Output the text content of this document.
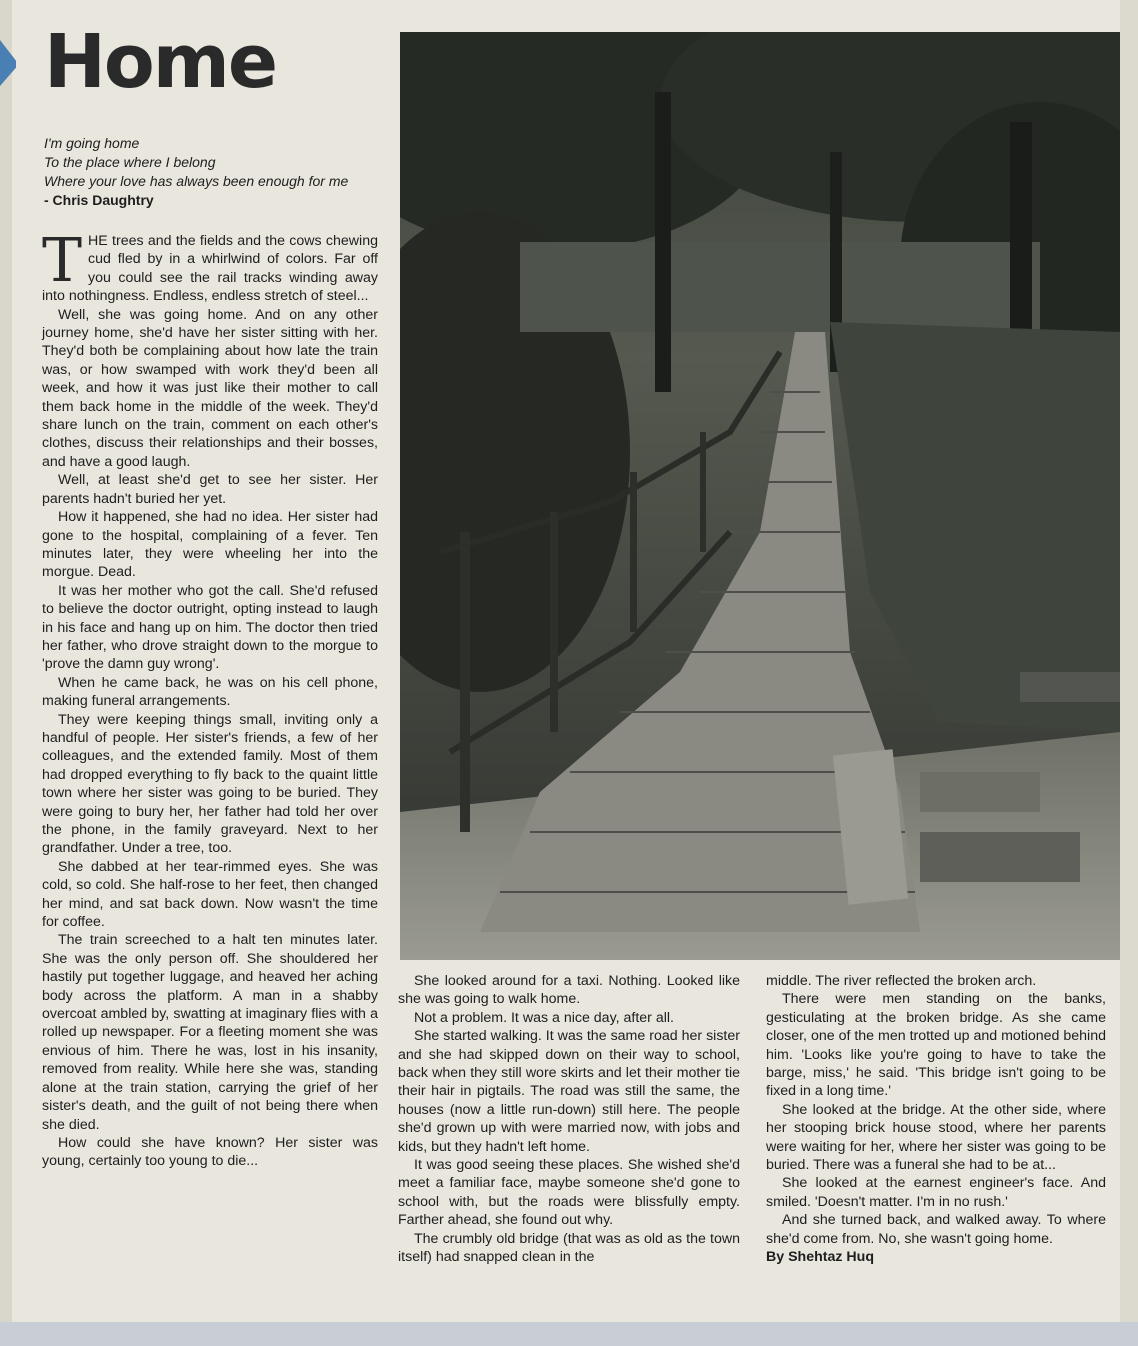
Home
I'm going home
To the place where I belong
Where your love has always been enough for me
- Chris Daughtry

THE trees and the fields and the cows chewing cud fled by in a whirlwind of colors. Far off you could see the rail tracks winding away into nothingness. Endless, endless stretch of steel...

Well, she was going home. And on any other journey home, she'd have her sister sitting with her. They'd both be complaining about how late the train was, or how swamped with work they'd been all week, and how it was just like their mother to call them back home in the middle of the week. They'd share lunch on the train, comment on each other's clothes, discuss their relationships and their bosses, and have a good laugh.

Well, at least she'd get to see her sister. Her parents hadn't buried her yet.

How it happened, she had no idea. Her sister had gone to the hospital, complaining of a fever. Ten minutes later, they were wheeling her into the morgue. Dead.

It was her mother who got the call. She'd refused to believe the doctor outright, opting instead to laugh in his face and hang up on him. The doctor then tried her father, who drove straight down to the morgue to 'prove the damn guy wrong'.

When he came back, he was on his cell phone, making funeral arrangements.

They were keeping things small, inviting only a handful of people. Her sister's friends, a few of her colleagues, and the extended family. Most of them had dropped everything to fly back to the quaint little town where her sister was going to be buried. They were going to bury her, her father had told her over the phone, in the family graveyard. Next to her grandfather. Under a tree, too.

She dabbed at her tear-rimmed eyes. She was cold, so cold. She half-rose to her feet, then changed her mind, and sat back down. Now wasn't the time for coffee.

The train screeched to a halt ten minutes later. She was the only person off. She shouldered her hastily put together luggage, and heaved her aching body across the platform. A man in a shabby overcoat ambled by, swatting at imaginary flies with a rolled up newspaper. For a fleeting moment she was envious of him. There he was, lost in his insanity, removed from reality. While here she was, standing alone at the train station, carrying the grief of her sister's death, and the guilt of not being there when she died.

How could she have known? Her sister was young, certainly too young to die...

She looked around for a taxi. Nothing. Looked like she was going to walk home.

Not a problem. It was a nice day, after all.

She started walking. It was the same road her sister and she had skipped down on their way to school, back when they still wore skirts and let their mother tie their hair in pigtails. The road was still the same, the houses (now a little run-down) still here. The people she'd grown up with were married now, with jobs and kids, but they hadn't left home.

It was good seeing these places. She wished she'd meet a familiar face, maybe someone she'd gone to school with, but the roads were blissfully empty. Farther ahead, she found out why.

The crumbly old bridge (that was as old as the town itself) had snapped clean in the

middle. The river reflected the broken arch.

There were men standing on the banks, gesticulating at the broken bridge. As she came closer, one of the men trotted up and motioned behind him. 'Looks like you're going to have to take the barge, miss,' he said. 'This bridge isn't going to be fixed in a long time.'

She looked at the bridge. At the other side, where her stooping brick house stood, where her parents were waiting for her, where her sister was going to be buried. There was a funeral she had to be at...

She looked at the earnest engineer's face. And smiled. 'Doesn't matter. I'm in no rush.'

And she turned back, and walked away. To where she'd come from. No, she wasn't going home.

By Shehtaz Huq
